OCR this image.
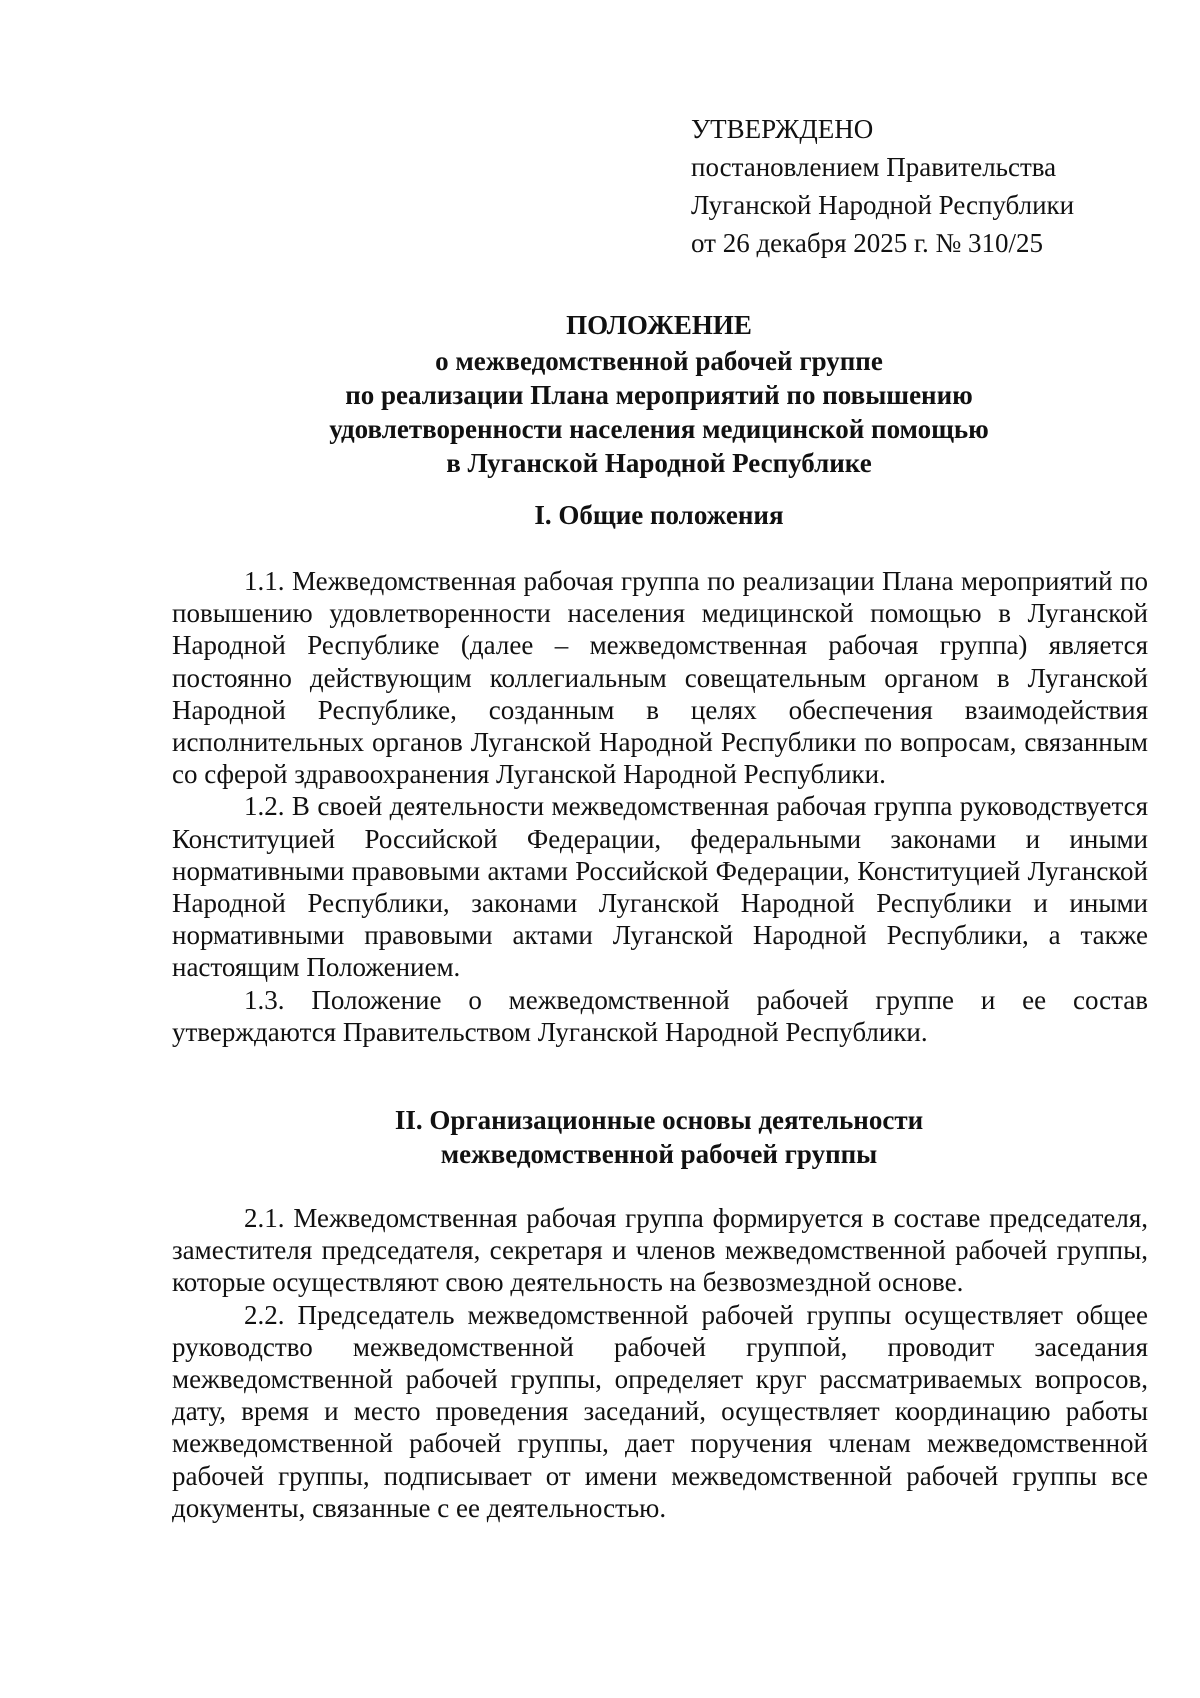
УТВЕРЖДЕНО
постановлением Правительства
Луганской Народной Республики
от 26 декабря 2025 г. № 310/25
ПОЛОЖЕНИЕ
о межведомственной рабочей группе
по реализации Плана мероприятий по повышению
удовлетворенности населения медицинской помощью
в Луганской Народной Республике
I. Общие положения

1.1. Межведомственная рабочая группа по реализации Плана мероприятий по повышению удовлетворенности населения медицинской помощью в Луганской Народной Республике (далее – межведомственная рабочая группа) является постоянно действующим коллегиальным совещательным органом в Луганской Народной Республике, созданным в целях обеспечения взаимодействия исполнительных органов Луганской Народной Республики по вопросам, связанным со сферой здравоохранения Луганской Народной Республики.

1.2. В своей деятельности межведомственная рабочая группа руководствуется Конституцией Российской Федерации, федеральными законами и иными нормативными правовыми актами Российской Федерации, Конституцией Луганской Народной Республики, законами Луганской Народной Республики и иными нормативными правовыми актами Луганской Народной Республики, а также настоящим Положением.

1.3. Положение о межведомственной рабочей группе и ее состав утверждаются Правительством Луганской Народной Республики.

II. Организационные основы деятельности
межведомственной рабочей группы

2.1. Межведомственная рабочая группа формируется в составе председателя, заместителя председателя, секретаря и членов межведомственной рабочей группы, которые осуществляют свою деятельность на безвозмездной основе.

2.2. Председатель межведомственной рабочей группы осуществляет общее руководство межведомственной рабочей группой, проводит заседания межведомственной рабочей группы, определяет круг рассматриваемых вопросов, дату, время и место проведения заседаний, осуществляет координацию работы межведомственной рабочей группы, дает поручения членам межведомственной рабочей группы, подписывает от имени межведомственной рабочей группы все документы, связанные с ее деятельностью.
